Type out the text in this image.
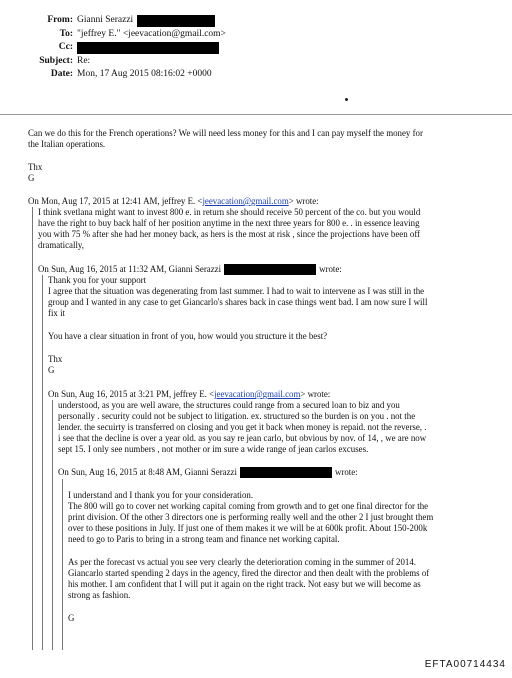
From: Gianni Serazzi
To: "jeffrey E." <jeevacation@gmail.com>
Cc:
Subject: Re:
Date: Mon, 17 Aug 2015 08:16:02 +0000

Can we do this for the French operations? We will need less money for this and I can pay myself the money for

the Italian operations.

Thx

G

On Mon, Aug 17, 2015 at 12:41 AM, jeffrey E. <jeevacation@gmail.com> wrote:

I think svetlana might want to invest 800 e. in return she should receive 50 percent of the co. but you would

have the right to buy back half of her position anytime in the next three years for 800 e. . in essence leaving

you with 75 % after she had her money back, as hers is the most at risk , since the projections have been off

dramatically,

On Sun, Aug 16, 2015 at 11:32 AM, Gianni Serazzi	wrote:

Thank you for your support

I agree that the situation was degenerating from last summer. I had to wait to intervene as I was still in the

group and I wanted in any case to get Giancarlo's shares back in case things went bad. I am now sure I will

fix it

You have a clear situation in front of you, how would you structure it the best?

Thx

G

On Sun, Aug 16, 2015 at 3:21 PM, jeffrey E. <jeevacation@gmail.com> wrote:

understood, as you are well aware, the structures could range from a secured loan to biz and you

personally . security could not be subject to litigation. ex. structured so the burden is on you . not the

lender. the secuirty is transferred on closing and you get it back when money is repaid. not the reverse, .

i see that the decline is over a year old. as you say re jean carlo, but obvious by nov. of 14, , we are now

sept 15. I only see numbers , not mother or im sure a wide range of jean carlos excuses.

On Sun, Aug 16, 2015 at 8:48 AM, Gianni Serazzi	wrote:

I understand and I thank you for your consideration.

The 800 will go to cover net working capital coming from growth and to get one final director for the

print division. Of the other 3 directors one is performing really well and the other 2 I just brought them

over to these positions in July. If just one of them makes it we will be at 600k profit. About 150-200k

need to go to Paris to bring in a strong team and finance net working capital.

As per the forecast vs actual you see very clearly the deterioration coming in the summer of 2014.

Giancarlo started spending 2 days in the agency, fired the director and then dealt with the problems of

his mother. I am confident that I will put it again on the right track. Not easy but we will become as

strong as fashion.

G

EFTA00714434
